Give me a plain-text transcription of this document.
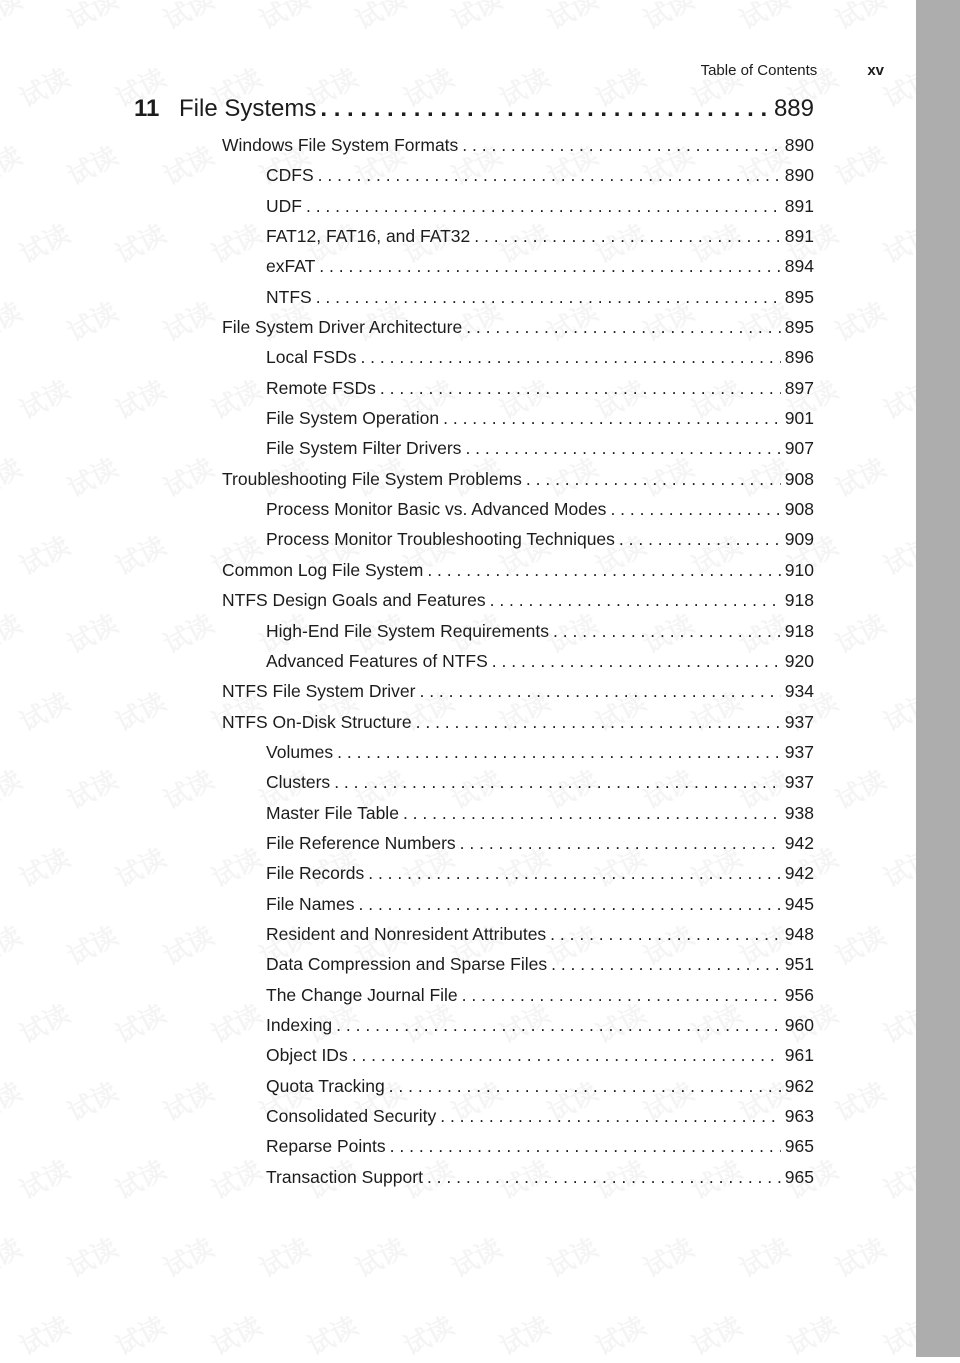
Table of Contents	xv
11 File Systems . . .	889
Windows File System Formats . . .	890
CDFS . . .	890
UDF . . .	891
FAT12, FAT16, and FAT32 . . .	891
exFAT . . .	894
NTFS . . .	895
File System Driver Architecture . . .	895
Local FSDs . . .	896
Remote FSDs . . .	897
File System Operation . . .	901
File System Filter Drivers . . .	907
Troubleshooting File System Problems . . .	908
Process Monitor Basic vs. Advanced Modes . . .	908
Process Monitor Troubleshooting Techniques . . .	909
Common Log File System . . .	910
NTFS Design Goals and Features . . .	918
High-End File System Requirements . . .	918
Advanced Features of NTFS . . .	920
NTFS File System Driver . . .	934
NTFS On-Disk Structure . . .	937
Volumes . . .	937
Clusters . . .	937
Master File Table . . .	938
File Reference Numbers . . .	942
File Records . . .	942
File Names . . .	945
Resident and Nonresident Attributes . . .	948
Data Compression and Sparse Files . . .	951
The Change Journal File . . .	956
Indexing . . .	960
Object IDs . . .	961
Quota Tracking . . .	962
Consolidated Security . . .	963
Reparse Points . . .	965
Transaction Support . . .	965
